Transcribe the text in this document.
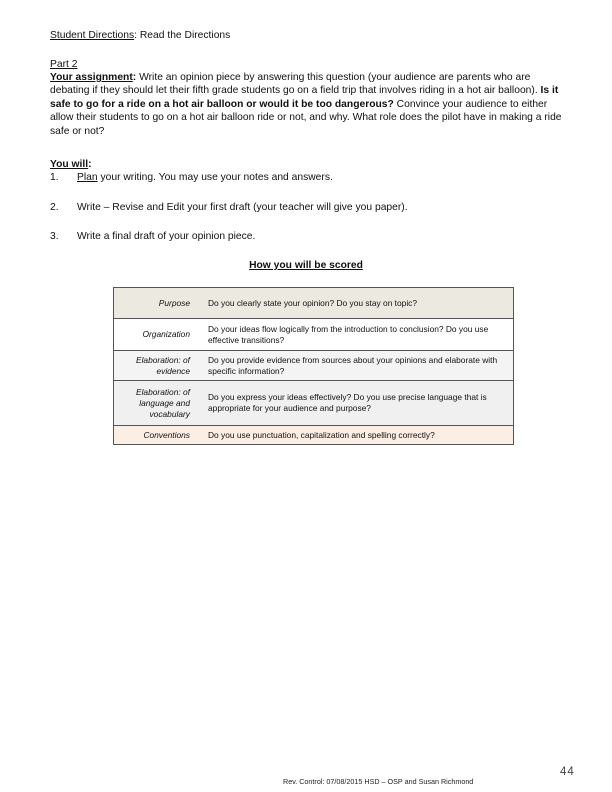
Student Directions: Read the Directions
Part 2
Your assignment: Write an opinion piece by answering this question (your audience are parents who are debating if they should let their fifth grade students go on a field trip that involves riding in a hot air balloon). Is it safe to go for a ride on a hot air balloon or would it be too dangerous? Convince your audience to either allow their students to go on a hot air balloon ride or not, and why. What role does the pilot have in making a ride safe or not?
You will:
1. Plan your writing. You may use your notes and answers.
2. Write – Revise and Edit your first draft (your teacher will give you paper).
3. Write a final draft of your opinion piece.
How you will be scored
Purpose	Do you clearly state your opinion? Do you stay on topic?
Organization
Do your ideas flow logically from the introduction to conclusion? Do you use effective transitions?
Elaboration: of evidence
Do you provide evidence from sources about your opinions and elaborate with specific information?
Elaboration: of language and vocabulary
Do you express your ideas effectively? Do you use precise language that is appropriate for your audience and purpose?
Conventions	Do you use punctuation, capitalization and spelling correctly?
44
Rev. Control: 07/08/2015 HSD – OSP and Susan Richmond
